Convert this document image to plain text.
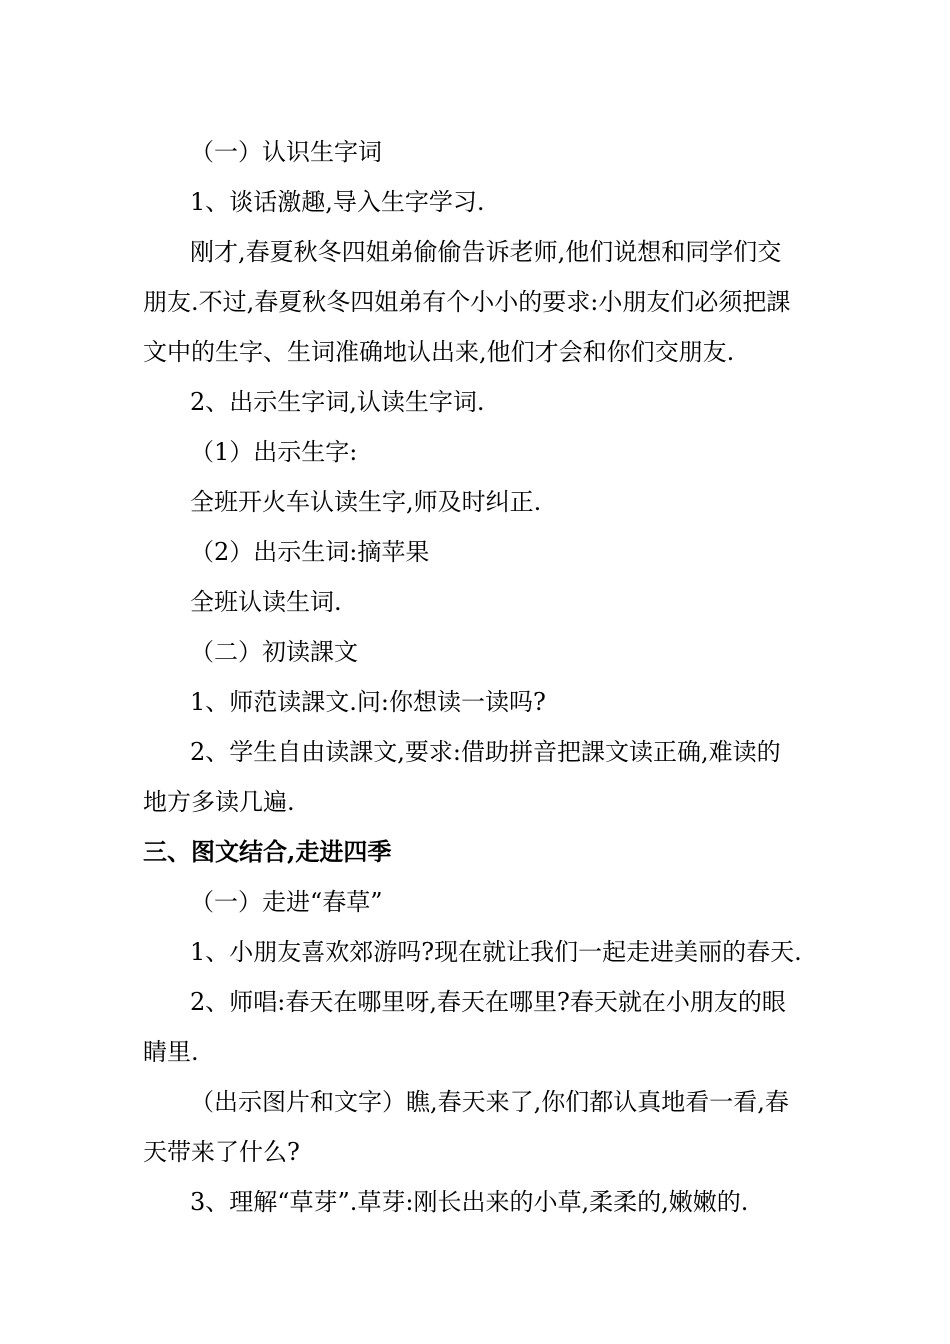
（一）认识生字词
1、谈话激趣,导入生字学习.
刚才,春夏秋冬四姐弟偷偷告诉老师,他们说想和同学们交
朋友.不过,春夏秋冬四姐弟有个小小的要求:小朋友们必须把課
文中的生字、生词准确地认出来,他们才会和你们交朋友.
2、出示生字词,认读生字词.
（1）出示生字:
全班开火车认读生字,师及时纠正.
（2）出示生词:摘苹果
全班认读生词.
（二）初读課文
1、师范读課文.问:你想读一读吗?
2、学生自由读課文,要求:借助拼音把課文读正确,难读的
地方多读几遍.
三、图文结合,走进四季
（一）走进“春草”
1、小朋友喜欢郊游吗?现在就让我们一起走进美丽的春天.
2、师唱:春天在哪里呀,春天在哪里?春天就在小朋友的眼
睛里.
（出示图片和文字）瞧,春天来了,你们都认真地看一看,春
天带来了什么?
3、理解“草芽”.草芽:刚长出来的小草,柔柔的,嫩嫩的.
